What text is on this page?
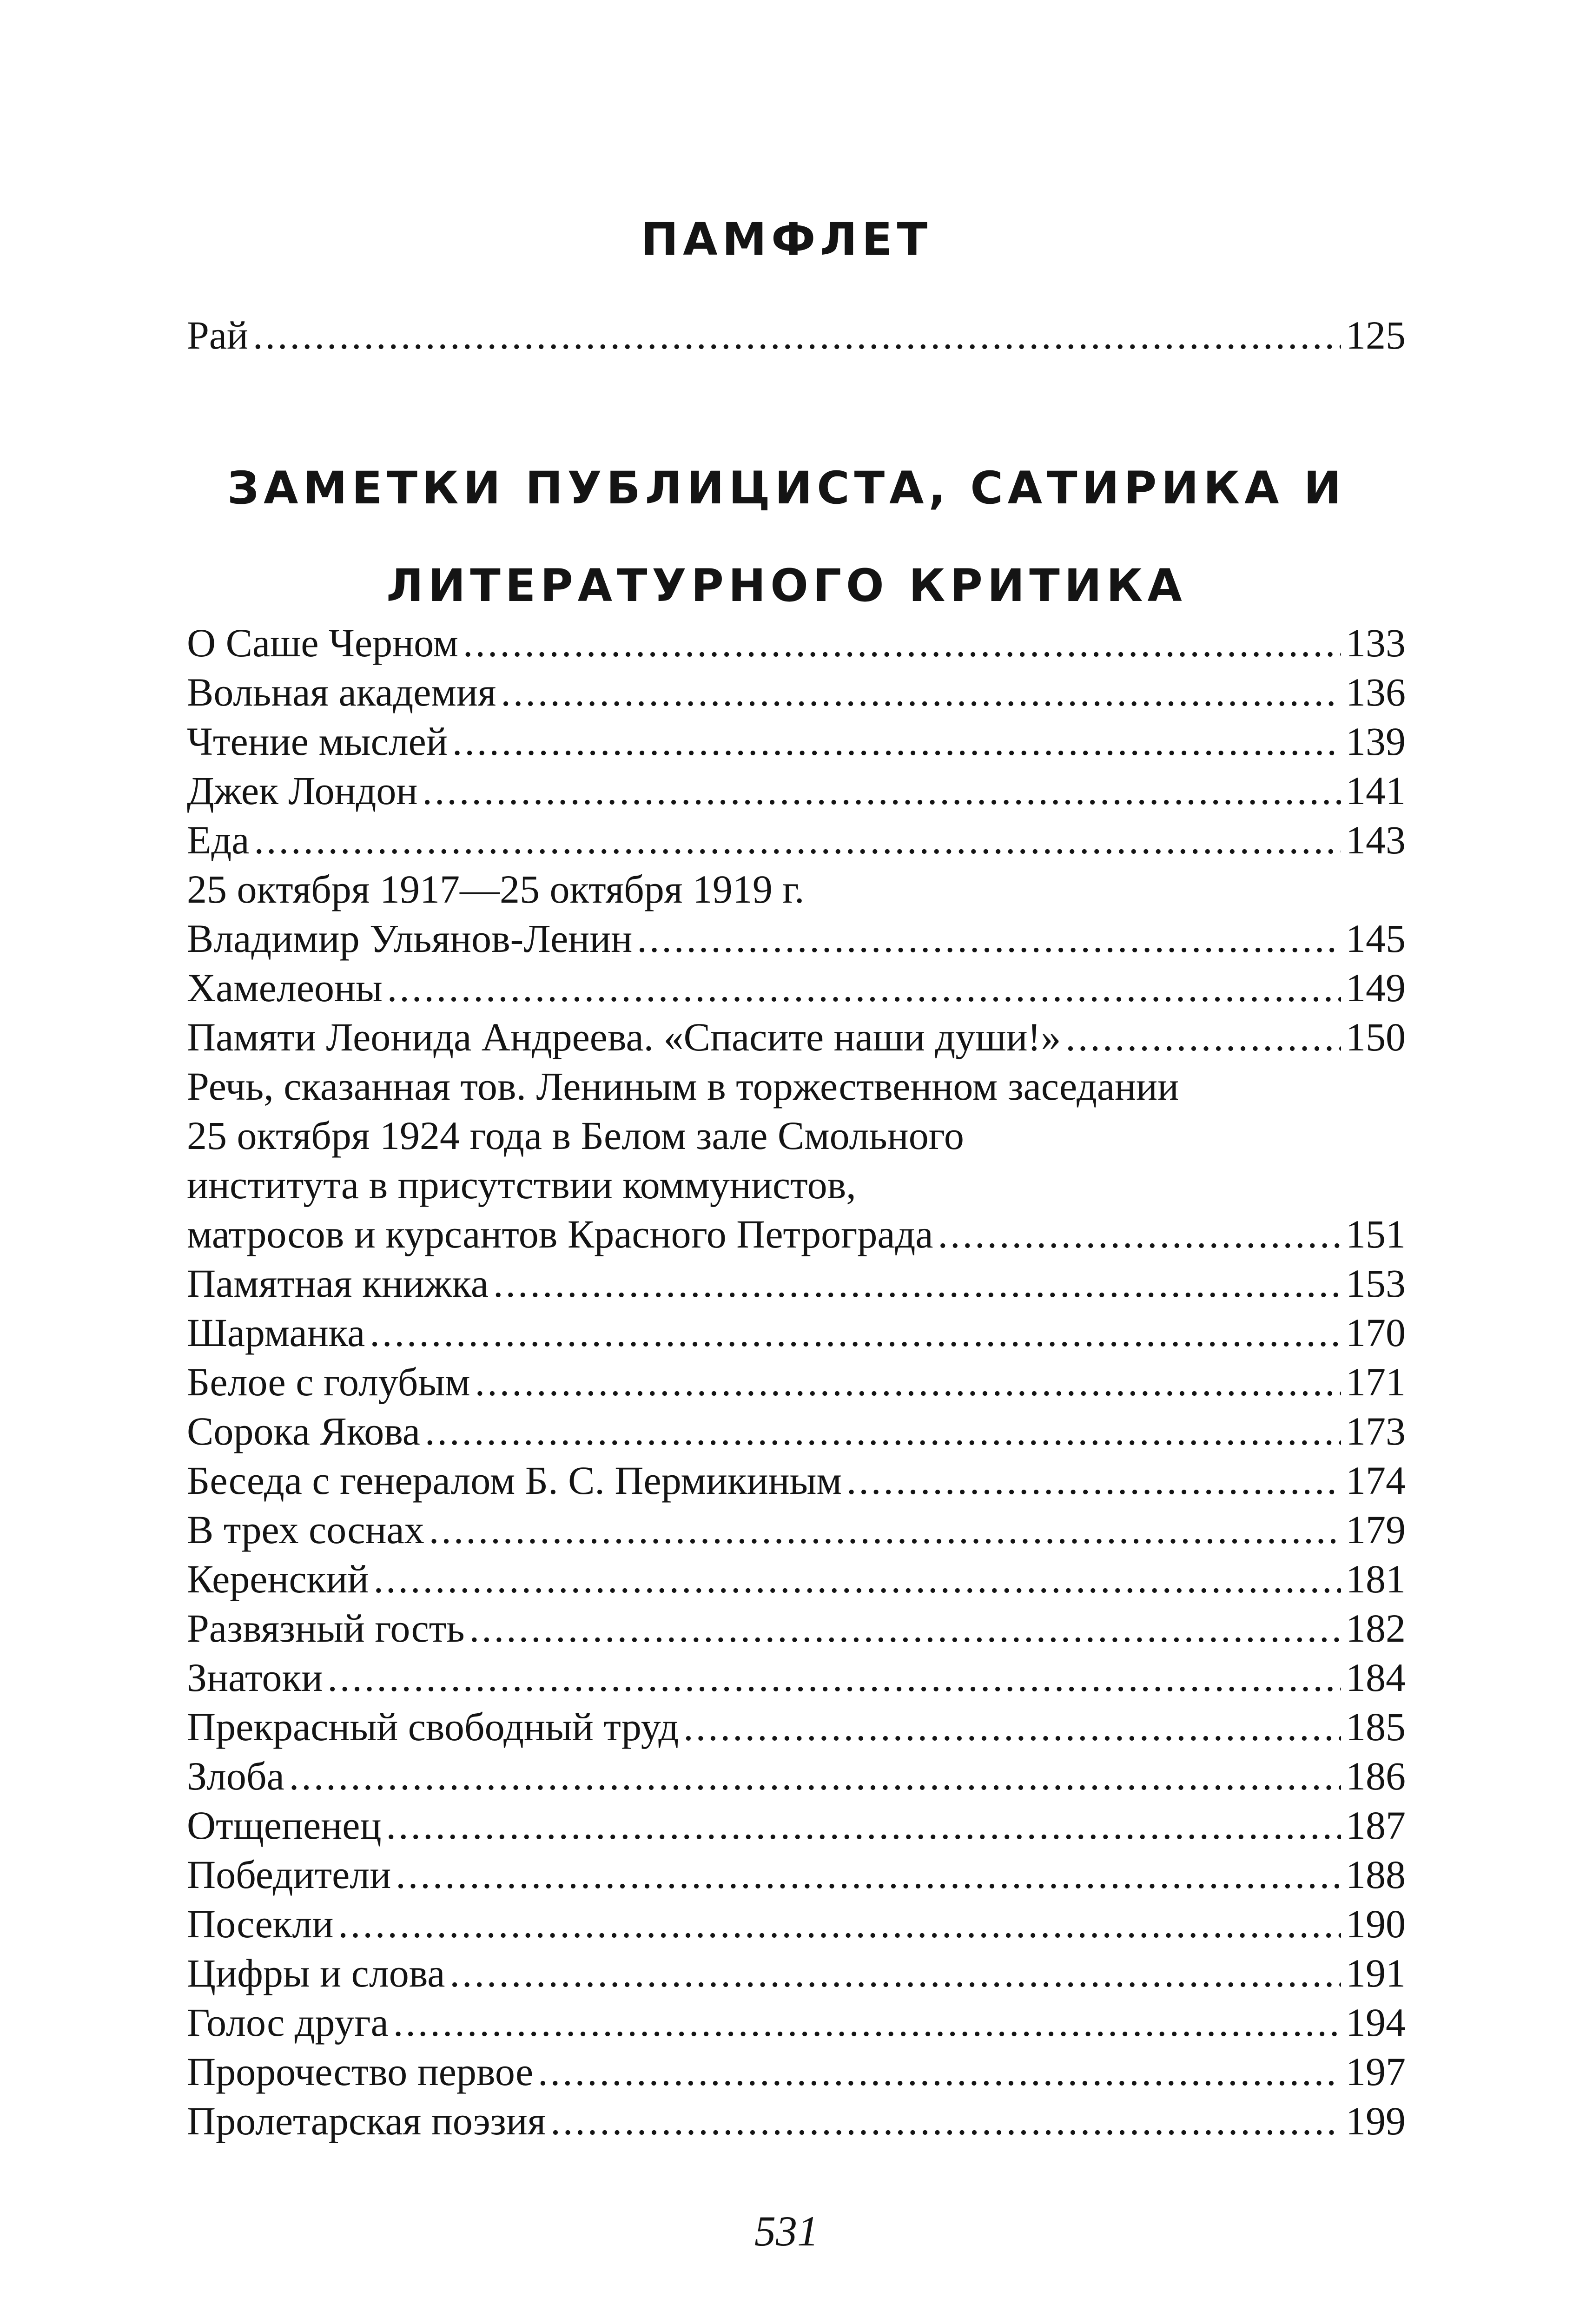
ПАМФЛЕТ
Рай .....	125
ЗАМЕТКИ ПУБЛИЦИСТА, САТИРИКА И
ЛИТЕРАТУРНОГО КРИТИКА
О Саше Черном .....	133
Вольная академия .....	136
Чтение мыслей .....	139
Джек Лондон .....	141
Еда .....	143
25 октября 1917—25 октября 1919 г.
Владимир Ульянов-Ленин .....	145
Хамелеоны .....	149
Памяти Леонида Андреева. «Спасите наши души!» .....	150
Речь, сказанная тов. Лениным в торжественном заседании
25 октября 1924 года в Белом зале Смольного
института в присутствии коммунистов,
матросов и курсантов Красного Петрограда .....	151
Памятная книжка .....	153
Шарманка .....	170
Белое с голубым .....	171
Сорока Якова .....	173
Беседа с генералом Б. С. Пермикиным .....	174
В трех соснах .....	179
Керенский .....	181
Развязный гость .....	182
Знатоки .....	184
Прекрасный свободный труд .....	185
Злоба .....	186
Отщепенец .....	187
Победители .....	188
Посекли .....	190
Цифры и слова .....	191
Голос друга .....	194
Пророчество первое .....	197
Пролетарская поэзия .....	199
531
